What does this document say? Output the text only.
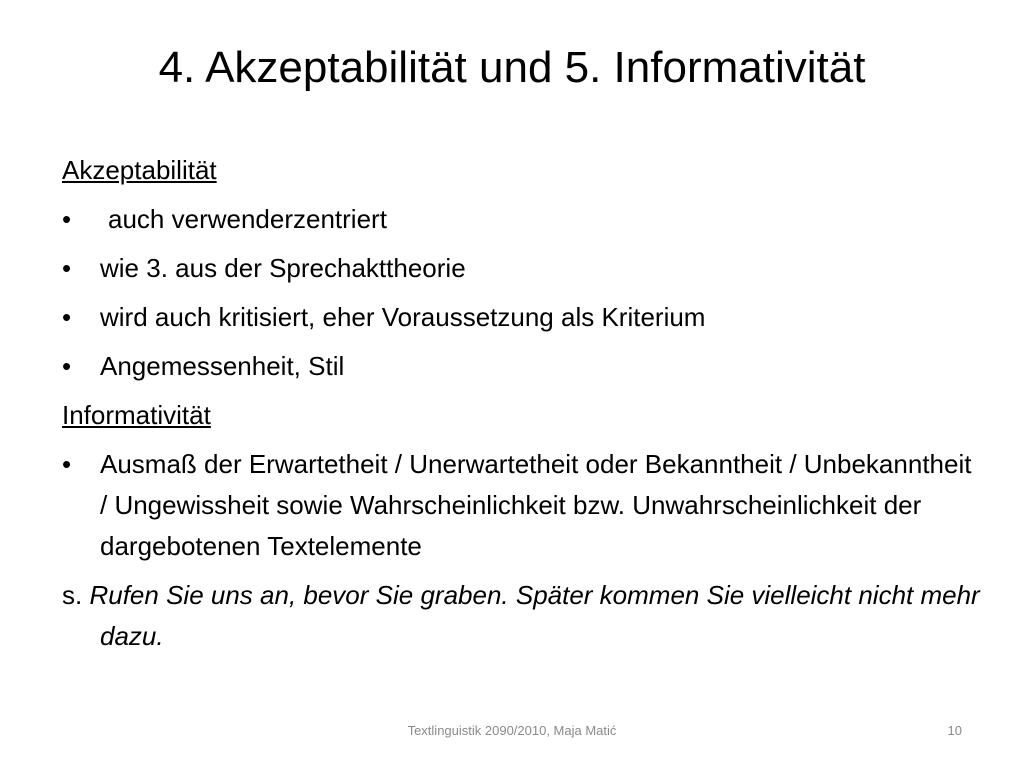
4. Akzeptabilität und 5. Informativität
Akzeptabilität
•	auch verwenderzentriert
•	wie 3. aus der Sprechakttheorie
•	wird auch kritisiert, eher Voraussetzung als Kriterium
•	Angemessenheit, Stil
Informativität
•	Ausmaß der Erwartetheit / Unerwartetheit oder Bekanntheit / Unbekanntheit / Ungewissheit sowie Wahrscheinlichkeit bzw. Unwahrscheinlichkeit der dargebotenen Textelemente
s. Rufen Sie uns an, bevor Sie graben. Später kommen Sie vielleicht nicht mehr dazu.
Textlinguistik 2090/2010, Maja Matić	10
